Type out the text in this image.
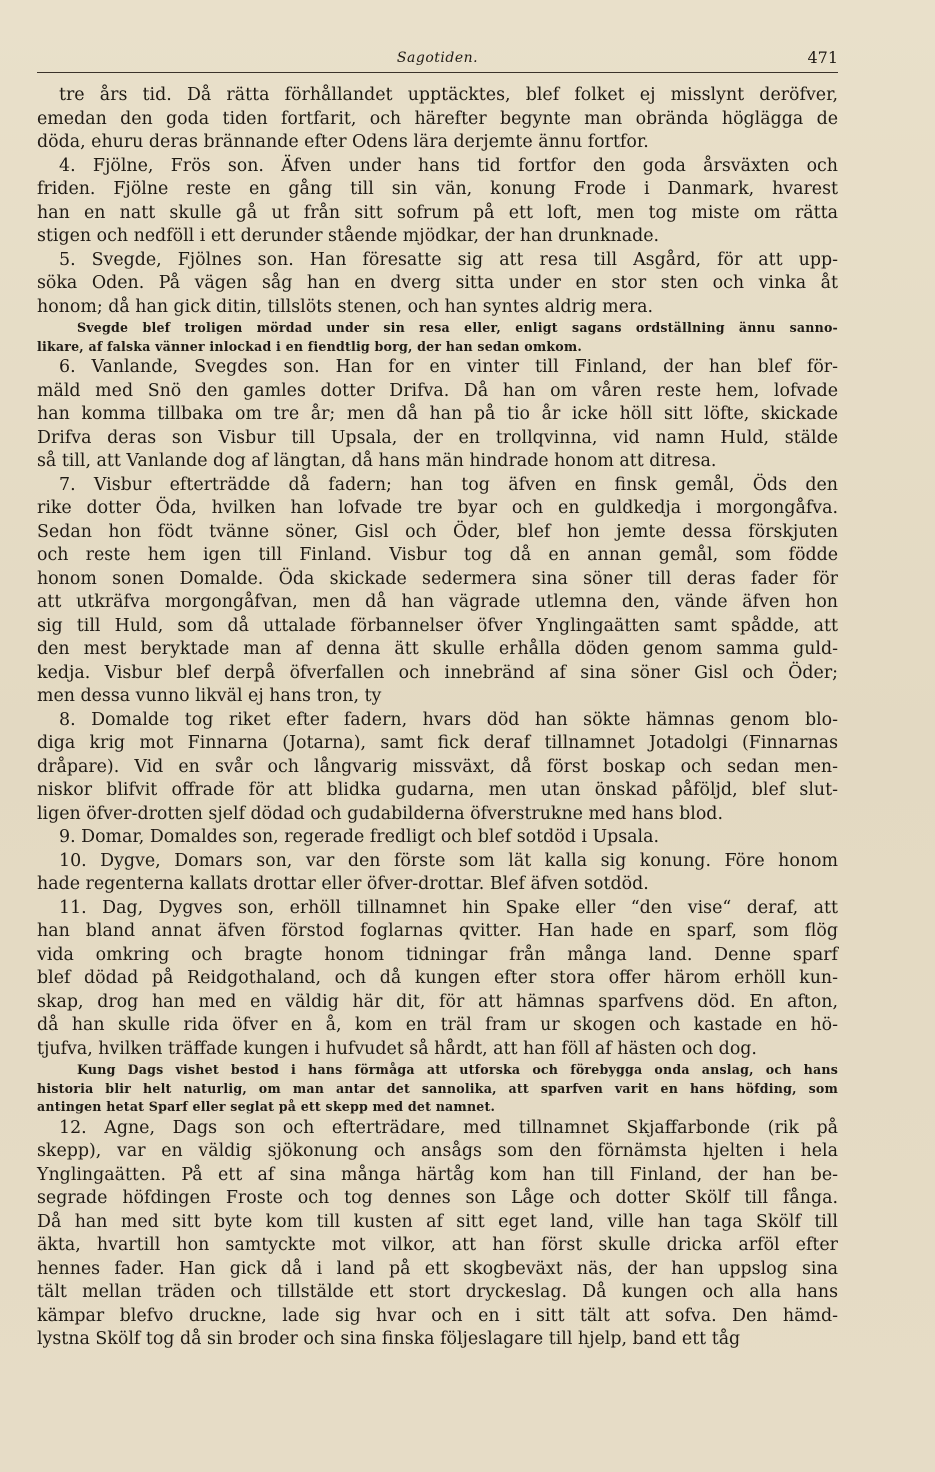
Sagotiden.	471
tre års tid. Då rätta förhållandet upptäcktes, blef folket ej misslynt deröfver,
emedan den goda tiden fortfarit, och härefter begynte man obrända höglägga de
döda, ehuru deras brännande efter Odens lära derjemte ännu fortfor.
4. Fjölne, Frös son. Äfven under hans tid fortfor den goda årsväxten och
friden. Fjölne reste en gång till sin vän, konung Frode i Danmark, hvarest
han en natt skulle gå ut från sitt sofrum på ett loft, men tog miste om rätta
stigen och nedföll i ett derunder stående mjödkar, der han drunknade.
5. Svegde, Fjölnes son. Han föresatte sig att resa till Asgård, för att upp-
söka Oden. På vägen såg han en dverg sitta under en stor sten och vinka åt
honom; då han gick ditin, tillslöts stenen, och han syntes aldrig mera.
Svegde blef troligen mördad under sin resa eller, enligt sagans ordställning ännu sanno-
likare, af falska vänner inlockad i en fiendtlig borg, der han sedan omkom.
6. Vanlande, Svegdes son. Han for en vinter till Finland, der han blef för-
mäld med Snö den gamles dotter Drifva. Då han om våren reste hem, lofvade
han komma tillbaka om tre år; men då han på tio år icke höll sitt löfte, skickade
Drifva deras son Visbur till Upsala, der en trollqvinna, vid namn Huld, stälde
så till, att Vanlande dog af längtan, då hans män hindrade honom att ditresa.
7. Visbur efterträdde då fadern; han tog äfven en finsk gemål, Öds den
rike dotter Öda, hvilken han lofvade tre byar och en guldkedja i morgongåfva.
Sedan hon födt tvänne söner, Gisl och Öder, blef hon jemte dessa förskjuten
och reste hem igen till Finland. Visbur tog då en annan gemål, som födde
honom sonen Domalde. Öda skickade sedermera sina söner till deras fader för
att utkräfva morgongåfvan, men då han vägrade utlemna den, vände äfven hon
sig till Huld, som då uttalade förbannelser öfver Ynglingaätten samt spådde, att
den mest beryktade man af denna ätt skulle erhålla döden genom samma guld-
kedja. Visbur blef derpå öfverfallen och innebränd af sina söner Gisl och Öder;
men dessa vunno likväl ej hans tron, ty
8. Domalde tog riket efter fadern, hvars död han sökte hämnas genom blo-
diga krig mot Finnarna (Jotarna), samt fick deraf tillnamnet Jotadolgi (Finnarnas
dråpare). Vid en svår och långvarig missväxt, då först boskap och sedan men-
niskor blifvit offrade för att blidka gudarna, men utan önskad påföljd, blef slut-
ligen öfver-drotten sjelf dödad och gudabilderna öfverstrukne med hans blod.
9. Domar, Domaldes son, regerade fredligt och blef sotdöd i Upsala.
10. Dygve, Domars son, var den förste som lät kalla sig konung. Före honom
hade regenterna kallats drottar eller öfver-drottar. Blef äfven sotdöd.
11. Dag, Dygves son, erhöll tillnamnet hin Spake eller “den vise“ deraf, att
han bland annat äfven förstod foglarnas qvitter. Han hade en sparf, som flög
vida omkring och bragte honom tidningar från många land. Denne sparf
blef dödad på Reidgothaland, och då kungen efter stora offer härom erhöll kun-
skap, drog han med en väldig här dit, för att hämnas sparfvens död. En afton,
då han skulle rida öfver en å, kom en träl fram ur skogen och kastade en hö-
tjufva, hvilken träffade kungen i hufvudet så hårdt, att han föll af hästen och dog.
Kung Dags vishet bestod i hans förmåga att utforska och förebygga onda anslag, och hans
historia blir helt naturlig, om man antar det sannolika, att sparfven varit en hans höfding, som
antingen hetat Sparf eller seglat på ett skepp med det namnet.
12. Agne, Dags son och efterträdare, med tillnamnet Skjaffarbonde (rik på
skepp), var en väldig sjökonung och ansågs som den förnämsta hjelten i hela
Ynglingaätten. På ett af sina många härtåg kom han till Finland, der han be-
segrade höfdingen Froste och tog dennes son Låge och dotter Skölf till fånga.
Då han med sitt byte kom till kusten af sitt eget land, ville han taga Skölf till
äkta, hvartill hon samtyckte mot vilkor, att han först skulle dricka arföl efter
hennes fader. Han gick då i land på ett skogbeväxt näs, der han uppslog sina
tält mellan träden och tillstälde ett stort dryckeslag. Då kungen och alla hans
kämpar blefvo druckne, lade sig hvar och en i sitt tält att sofva. Den hämd-
lystna Skölf tog då sin broder och sina finska följeslagare till hjelp, band ett tåg
